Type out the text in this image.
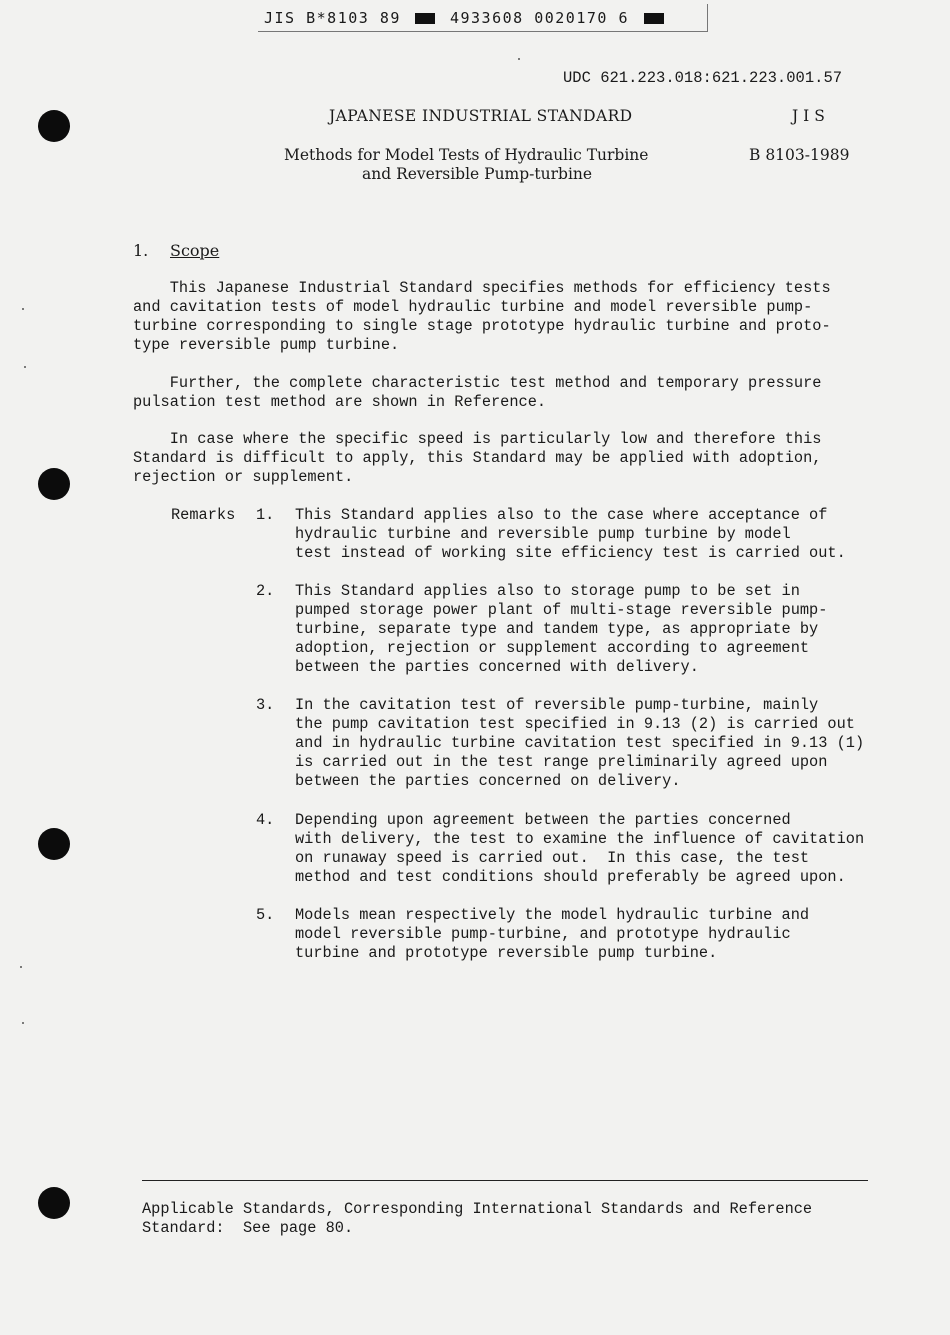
JIS B*8103 89	4933608 0020170 6
UDC 621.223.018:621.223.001.57
JAPANESE INDUSTRIAL STANDARD	J I S
Methods for Model Tests of Hydraulic Turbine
and Reversible Pump-turbine
B 8103-1989
1. Scope
This Japanese Industrial Standard specifies methods for efficiency tests
and cavitation tests of model hydraulic turbine and model reversible pump-
turbine corresponding to single stage prototype hydraulic turbine and proto-
type reversible pump turbine.
Further, the complete characteristic test method and temporary pressure
pulsation test method are shown in Reference.
In case where the specific speed is particularly low and therefore this
Standard is difficult to apply, this Standard may be applied with adoption,
rejection or supplement.
Remarks 1. This Standard applies also to the case where acceptance of
hydraulic turbine and reversible pump turbine by model
test instead of working site efficiency test is carried out.
2. This Standard applies also to storage pump to be set in
pumped storage power plant of multi-stage reversible pump-
turbine, separate type and tandem type, as appropriate by
adoption, rejection or supplement according to agreement
between the parties concerned with delivery.
3. In the cavitation test of reversible pump-turbine, mainly
the pump cavitation test specified in 9.13 (2) is carried out
and in hydraulic turbine cavitation test specified in 9.13 (1)
is carried out in the test range preliminarily agreed upon
between the parties concerned on delivery.
4. Depending upon agreement between the parties concerned
with delivery, the test to examine the influence of cavitation
on runaway speed is carried out.  In this case, the test
method and test conditions should preferably be agreed upon.
5. Models mean respectively the model hydraulic turbine and
model reversible pump-turbine, and prototype hydraulic
turbine and prototype reversible pump turbine.
Applicable Standards, Corresponding International Standards and Reference
Standard:  See page 80.
